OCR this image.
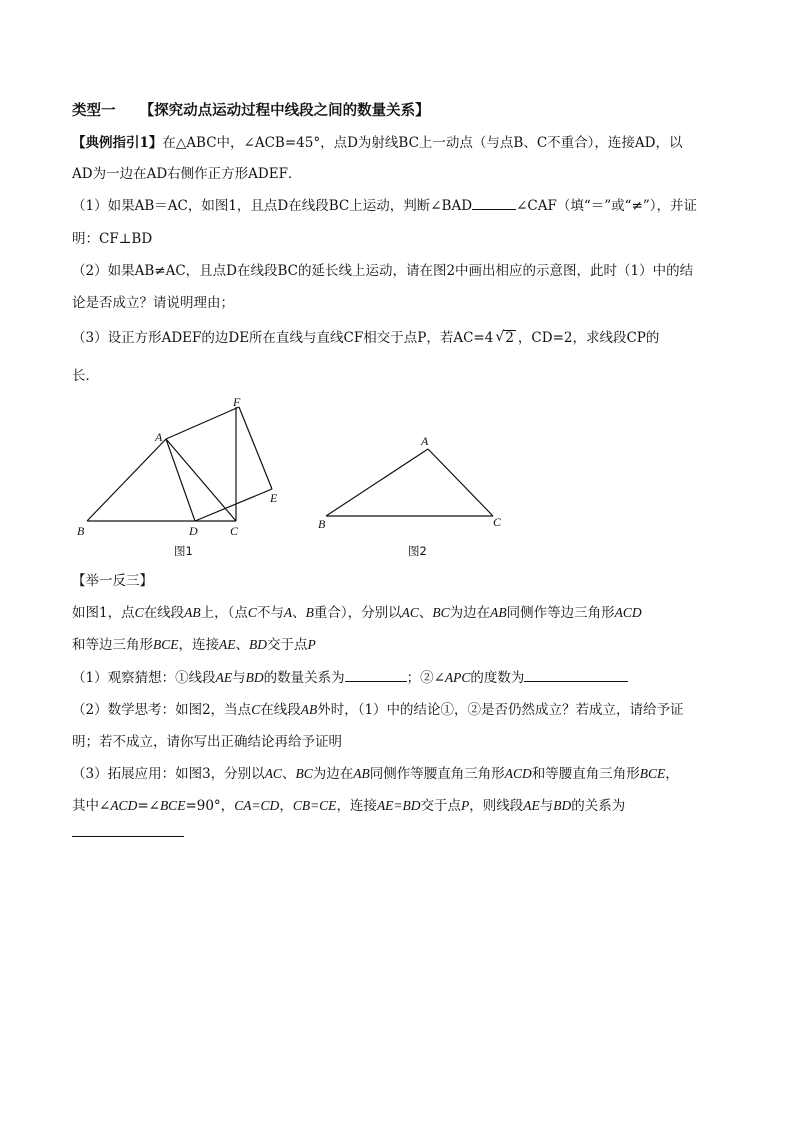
类型一 【探究动点运动过程中线段之间的数量关系】
【典例指引1】在△ABC中，∠ACB=45°，点D为射线BC上一动点（与点B、C不重合），连接AD，以
AD为一边在AD右侧作正方形ADEF．
（1）如果AB＝AC，如图1，且点D在线段BC上运动，判断∠BAD	∠CAF（填“＝”或“≠”），并证
明：CF⊥BD
（2）如果AB≠AC，且点D在线段BC的延长线上运动，请在图2中画出相应的示意图，此时（1）中的结
论是否成立？请说明理由；
（3）设正方形ADEF的边DE所在直线与直线CF相交于点P，若AC=4 √ 2 ，CD=2，求线段CP的
长．
A
B	C
D
E
F
图1
A
B	C
图2
【举一反三】
如图1，点C在线段AB上，（点C不与A、B重合），分别以AC、BC为边在AB同侧作等边三角形ACD
和等边三角形BCE，连接AE、BD交于点P
（1）观察猜想：①线段AE与BD的数量关系为	；②∠APC的度数为
（2）数学思考：如图2，当点C在线段AB外时，（1）中的结论①，②是否仍然成立？若成立，请给予证
明；若不成立，请你写出正确结论再给予证明
（3）拓展应用：如图3，分别以AC、BC为边在AB同侧作等腰直角三角形ACD和等腰直角三角形BCE，
其中∠ACD=∠BCE=90°，CA=CD，CB=CE，连接AE=BD交于点P，则线段AE与BD的关系为
